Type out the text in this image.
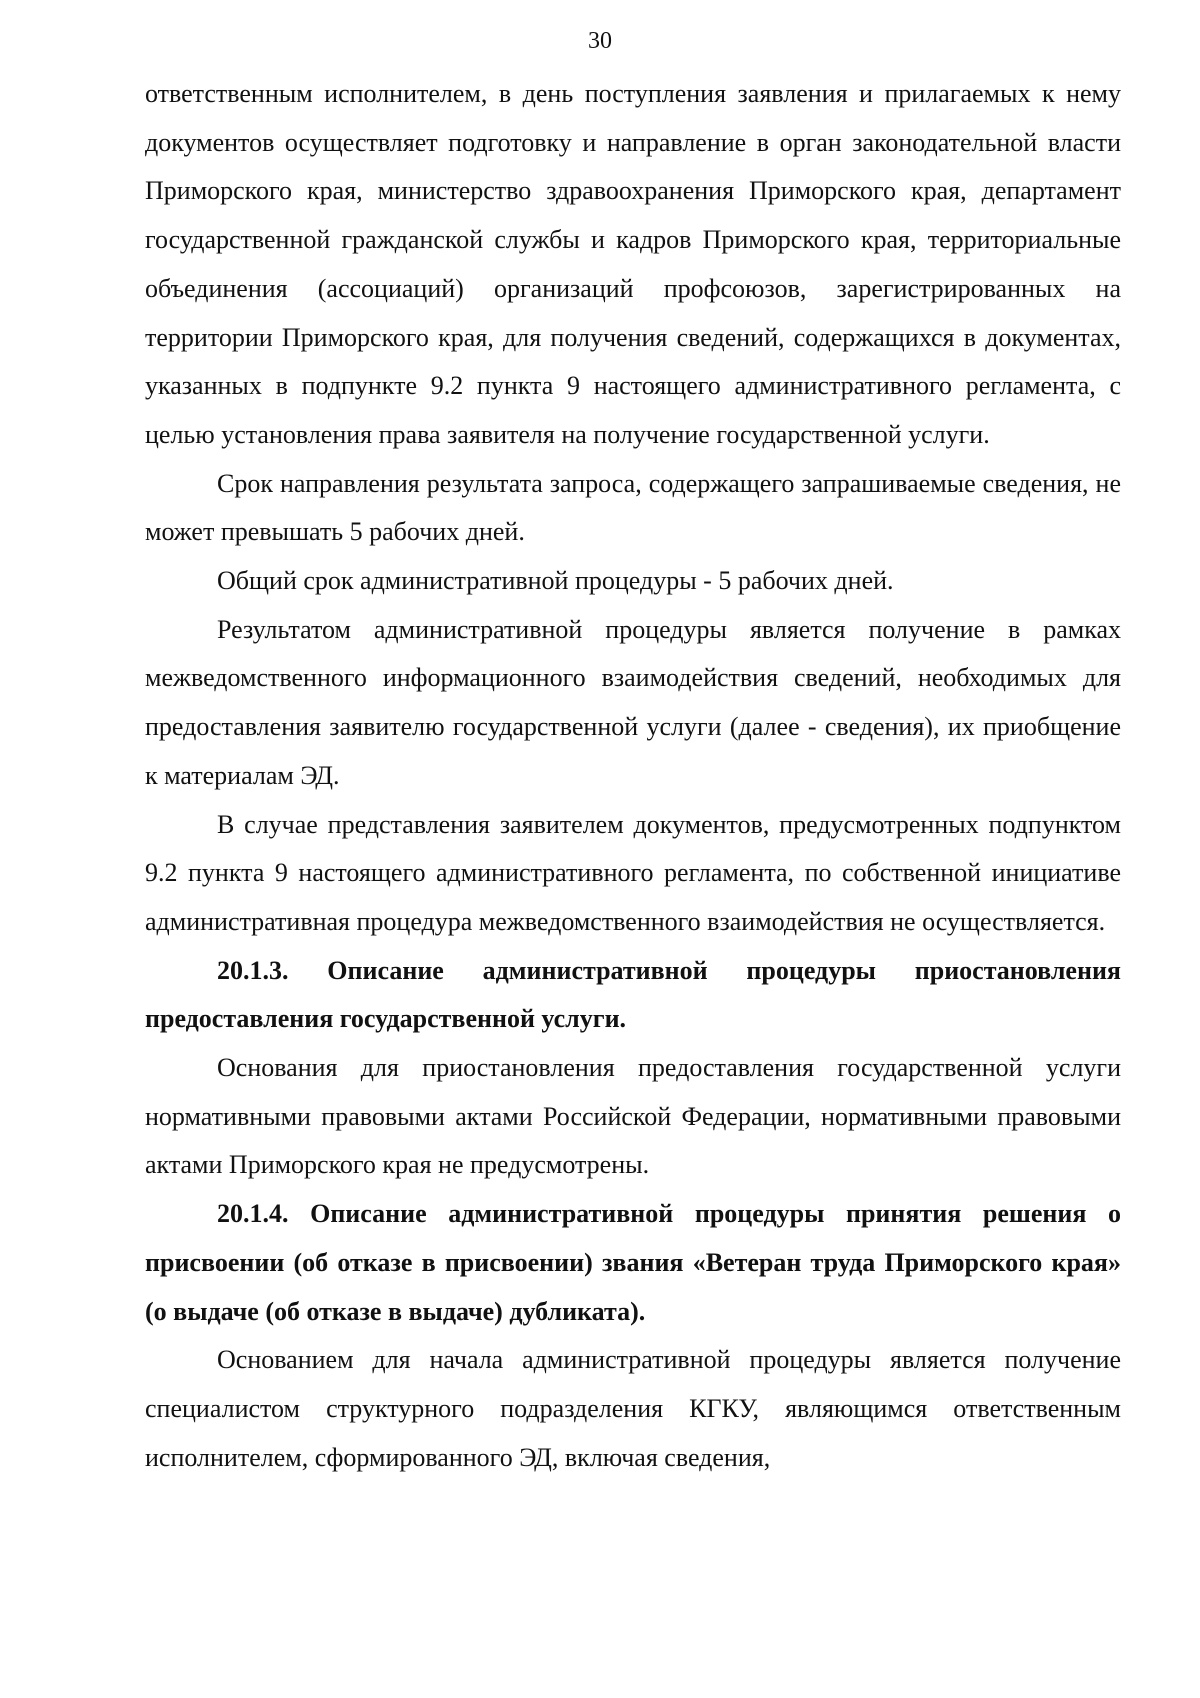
30

ответственным исполнителем, в день поступления заявления и прилагаемых к нему документов осуществляет подготовку и направление в орган законодательной власти Приморского края, министерство здравоохранения Приморского края, департамент государственной гражданской службы и кадров Приморского края, территориальные объединения (ассоциаций) организаций профсоюзов, зарегистрированных на территории Приморского края, для получения сведений, содержащихся в документах, указанных в подпункте 9.2 пункта 9 настоящего административного регламента, с целью установления права заявителя на получение государственной услуги.

Срок направления результата запроса, содержащего запрашиваемые сведения, не может превышать 5 рабочих дней.

Общий срок административной процедуры - 5 рабочих дней.

Результатом административной процедуры является получение в рамках межведомственного информационного взаимодействия сведений, необходимых для предоставления заявителю государственной услуги (далее - сведения), их приобщение к материалам ЭД.

В случае представления заявителем документов, предусмотренных подпунктом 9.2 пункта 9 настоящего административного регламента, по собственной инициативе административная процедура межведомственного взаимодействия не осуществляется.

20.1.3. Описание административной процедуры приостановления предоставления государственной услуги.

Основания для приостановления предоставления государственной услуги нормативными правовыми актами Российской Федерации, нормативными правовыми актами Приморского края не предусмотрены.

20.1.4. Описание административной процедуры принятия решения о присвоении (об отказе в присвоении) звания «Ветеран труда Приморского края» (о выдаче (об отказе в выдаче) дубликата).

Основанием для начала административной процедуры является получение специалистом структурного подразделения КГКУ, являющимся ответственным исполнителем, сформированного ЭД, включая сведения,
